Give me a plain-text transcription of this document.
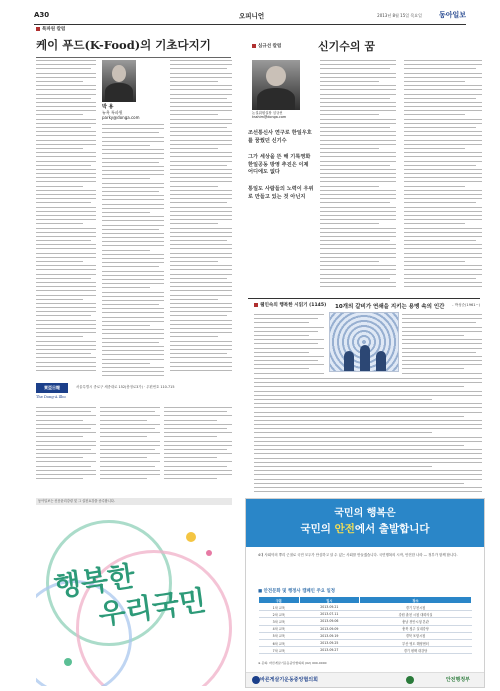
A30	오피니언	2013년 8월 15일 목요일 동아일보
특파원 칼럼
케이 푸드(K-Food)의 기초다지기
박 용
뉴욕 특파원
parky@donga.com
심규선 칼럼	신기수의 꿈
논설위원실장 심규선
ksshim@donga.com

조선통신사 연구로 한일우호를 꿈꿨던 신기수

그가 세상을 뜬 해 기록영화 한일공동 방영 추진은 이제 어디에도 없다

통일도 사람들의 노력이 우위로 만들고 있는 것 아닌지

웹인숙의 행복한 시읽기 (1145) 10개의 갈비가 연쇄을 지키는 용맹 속의 인간 - 박성순(1961~)
東亞日報
The Dong-A Ilbo
서울특별시 종로구 세종대로 152(충정로3가) · 우편번호 110-715
동아일보는 신문윤리강령 및 그 실천요강을 준수합니다.
행복한
우리국민
국민의 행복은
국민의 안전에서 출발합니다
4대 사회악의 뿌리 근절로 국민 모두가 안심하고 살 수 있는 사회를 만들겠습니다. 국민행복의 시작, 안전한 나라 — 정부가 함께 합니다.
■ 안전문화 및 행정사 캠페인 주요 일정
구분	일시	장소
1차 교육	2013.09.21	경기 부천시청
2차 교육	2013.07.11	강원 춘천 시청 대회의실
3차 교육	2013.09.06	충남 천안시청 본관
4차 교육	2013.09.09	충북 청주 실내강당
5차 교육	2013.09.19	경북 포항시청
6차 교육	2013.09.25	부산 영도 해양센터
7차 교육	2013.09.27	경기 평택 대강당
※ 문의: 바른게살기운동중앙협의회 (02) 000-0000
바른게살기운동중앙협의회	안전행정부
